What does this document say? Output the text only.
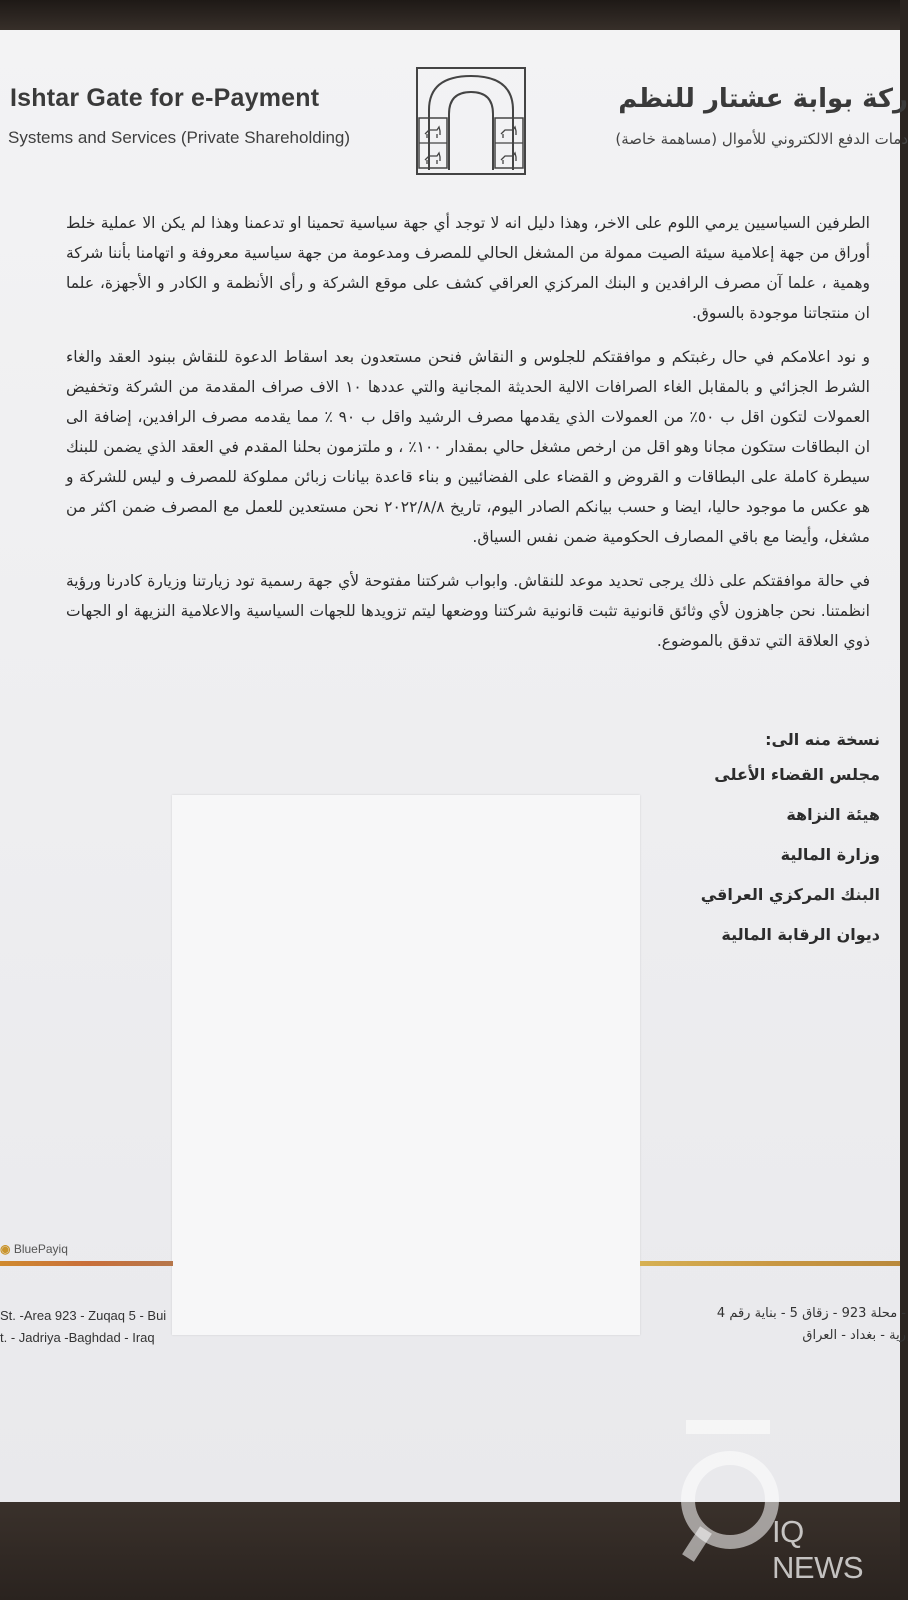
Ishtar Gate for e-Payment
Systems and Services (Private Shareholding)
ركة بوابة عشتار للنظم
دمات الدفع الالكتروني للأموال (مساهمة خاصة)

الطرفين السياسيين يرمي اللوم على الاخر، وهذا دليل انه لا توجد أي جهة سياسية تحمينا او تدعمنا وهذا لم يكن الا عملية خلط أوراق من جهة إعلامية سيئة الصيت ممولة من المشغل الحالي للمصرف ومدعومة من جهة سياسية معروفة و اتهامنا بأننا شركة وهمية ، علما آن مصرف الرافدين و البنك المركزي العراقي كشف على موقع الشركة و رأى الأنظمة و الكادر و الأجهزة، علما ان منتجاتنا موجودة بالسوق.

و نود اعلامكم في حال رغبتكم و موافقتكم للجلوس و النقاش فنحن مستعدون بعد اسقاط الدعوة للنقاش ببنود العقد والغاء الشرط الجزائي و بالمقابل الغاء الصرافات الالية الحديثة المجانية والتي عددها ١٠ الاف صراف المقدمة من الشركة وتخفيض العمولات لتكون اقل ب ٥٠٪ من العمولات الذي يقدمها مصرف الرشيد واقل ب ٩٠ ٪ مما يقدمه مصرف الرافدين، إضافة الى ان البطاقات ستكون مجانا وهو اقل من ارخص مشغل حالي بمقدار ١٠٠٪ ، و ملتزمون بحلنا المقدم في العقد الذي يضمن للبنك سيطرة كاملة على البطاقات و القروض و القضاء على الفضائيين و بناء قاعدة بيانات زبائن مملوكة للمصرف و ليس للشركة و هو عكس ما موجود حاليا، ايضا و حسب بيانكم الصادر اليوم، تاريخ ٢٠٢٢/٨/٨ نحن مستعدين للعمل مع المصرف ضمن اكثر من مشغل، وأيضا مع باقي المصارف الحكومية ضمن نفس السياق.

في حالة موافقتكم على ذلك يرجى تحديد موعد للنقاش. وابواب شركتنا مفتوحة لأي جهة رسمية تود زيارتنا وزيارة كادرنا ورؤية انظمتنا. نحن جاهزون لأي وثائق قانونية تثبت قانونية شركتنا ووضعها ليتم تزويدها للجهات السياسية والاعلامية النزيهة او الجهات ذوي العلاقة التي تدقق بالموضوع.

نسخة منه الى:
مجلس القضاء الأعلى
هيئة النزاهة
وزارة المالية
البنك المركزي العراقي
ديوان الرقابة المالية
◉ BluePayiq
St. -Area 923 - Zuqaq 5 - Bui
t. - Jadriya -Baghdad - Iraq
- محلة 923 - زقاق 5 - بناية رقم 4
ِرية - بغداد - العراق
IQ NEWS
